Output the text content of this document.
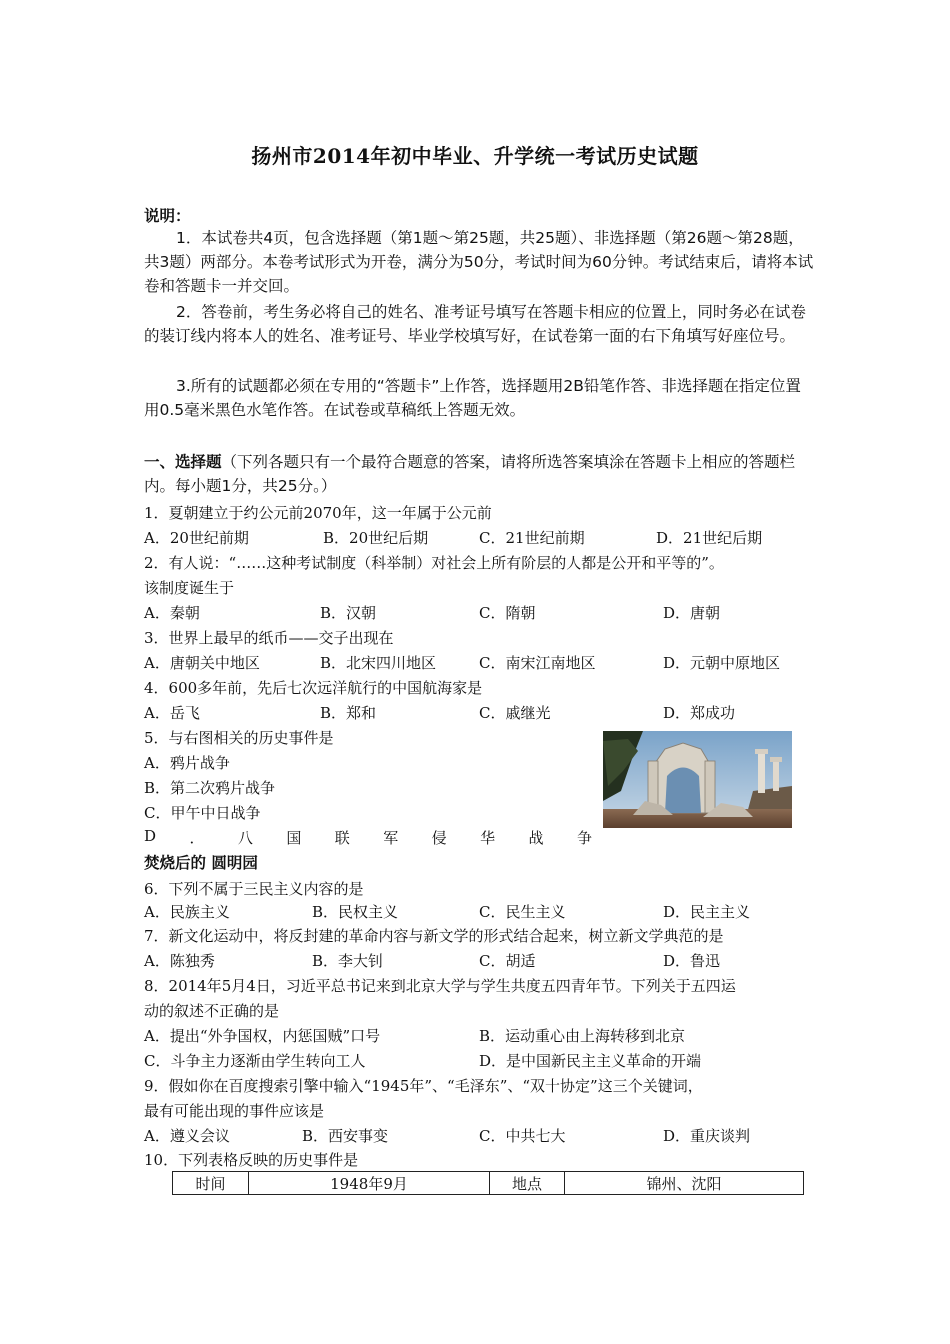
扬州市2014年初中毕业、升学统一考试历史试题
说明：
1．本试卷共4页，包含选择题（第1题～第25题，共25题）、非选择题（第26题～第28题，共3题）两部分。本卷考试形式为开卷，满分为50分，考试时间为60分钟。考试结束后，请将本试卷和答题卡一并交回。
2．答卷前，考生务必将自己的姓名、准考证号填写在答题卡相应的位置上，同时务必在试卷的装订线内将本人的姓名、准考证号、毕业学校填写好，在试卷第一面的右下角填写好座位号。
3.所有的试题都必须在专用的“答题卡”上作答，选择题用2B铅笔作答、非选择题在指定位置用0.5毫米黑色水笔作答。在试卷或草稿纸上答题无效。
一、选择题（下列各题只有一个最符合题意的答案，请将所选答案填涂在答题卡上相应的答题栏内。每小题1分，共25分。）
1．夏朝建立于约公元前2070年，这一年属于公元前
A．20世纪前期	B．20世纪后期	C．21世纪前期	D．21世纪后期
2．有人说：“……这种考试制度（科举制）对社会上所有阶层的人都是公开和平等的”。
该制度诞生于
A．秦朝	B．汉朝	C．隋朝	D．唐朝
3．世界上最早的纸币——交子出现在
A．唐朝关中地区	B．北宋四川地区	C．南宋江南地区	D．元朝中原地区
4．600多年前，先后七次远洋航行的中国航海家是
A．岳飞	B．郑和	C．戚继光	D．郑成功
5．与右图相关的历史事件是
A．鸦片战争
B．第二次鸦片战争
C．甲午中日战争
D ． 八 国 联 军 侵 华 战 争
焚烧后的 圆明园
6．下列不属于三民主义内容的是
A．民族主义	B．民权主义	C．民生主义	D．民主主义
7．新文化运动中，将反封建的革命内容与新文学的形式结合起来，树立新文学典范的是
A．陈独秀	B．李大钊	C．胡适	D．鲁迅
8．2014年5月4日，习近平总书记来到北京大学与学生共度五四青年节。下列关于五四运
动的叙述不正确的是
A．提出“外争国权，内惩国贼”口号	B．运动重心由上海转移到北京
C．斗争主力逐渐由学生转向工人	D．是中国新民主主义革命的开端
9．假如你在百度搜索引擎中输入“1945年”、“毛泽东”、“双十协定”这三个关键词，
最有可能出现的事件应该是
A．遵义会议	B．西安事变	C．中共七大	D．重庆谈判
10．下列表格反映的历史事件是
时间	1948年9月	地点	锦州、沈阳
